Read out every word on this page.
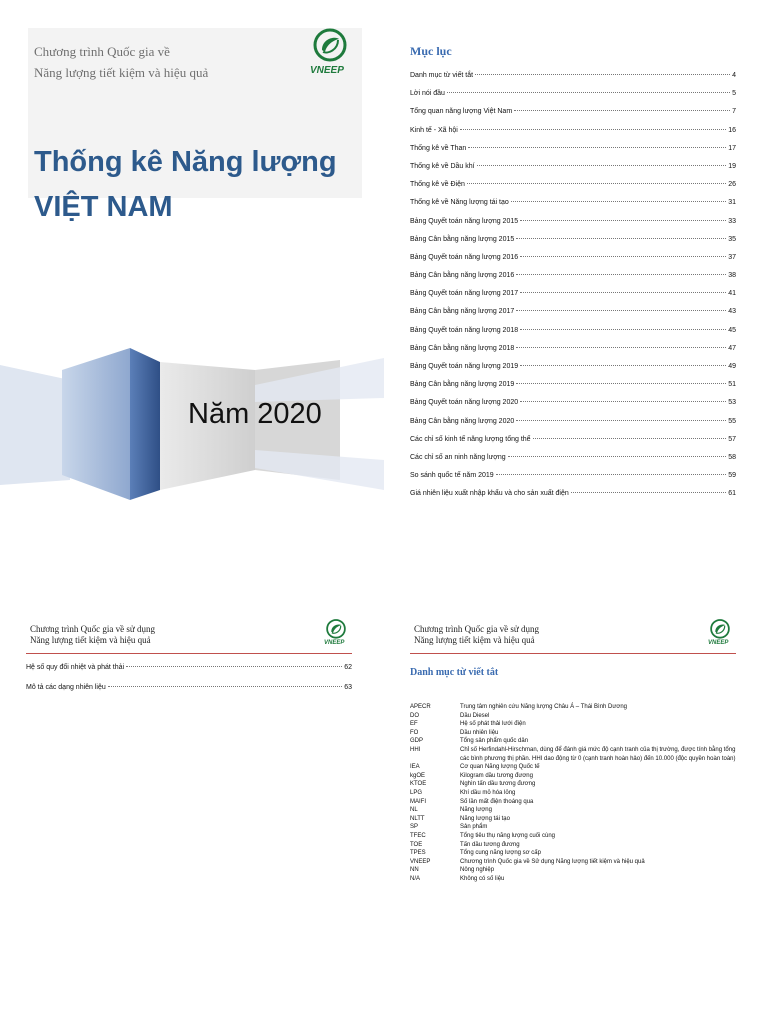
Chương trình Quốc gia về
Năng lượng tiết kiệm và hiệu quả	VNEEP
Thống kê Năng lượng
VIỆT NAM
Năm 2020
Mục lục
Danh mục từ viết tắt	4
Lời nói đầu	5
Tổng quan năng lượng Việt Nam	7
Kinh tế - Xã hội	16
Thống kê về Than	17
Thống kê về Dầu khí	19
Thống kê về Điện	26
Thống kê về Năng lượng tái tạo	31
Bảng Quyết toán năng lượng 2015	33
Bảng Cân bằng năng lượng 2015	35
Bảng Quyết toán năng lượng 2016	37
Bảng Cân bằng năng lượng 2016	38
Bảng Quyết toán năng lượng 2017	41
Bảng Cân bằng năng lượng 2017	43
Bảng Quyết toán năng lượng 2018	45
Bảng Cân bằng năng lượng 2018	47
Bảng Quyết toán năng lượng 2019	49
Bảng Cân bằng năng lượng 2019	51
Bảng Quyết toán năng lượng 2020	53
Bảng Cân bằng năng lượng 2020	55
Các chỉ số kinh tế năng lượng tổng thể	57
Các chỉ số an ninh năng lượng	58
So sánh quốc tế năm 2019	59
Giá nhiên liệu xuất nhập khẩu và cho sản xuất điện	61
Chương trình Quốc gia về sử dụng
Năng lượng tiết kiệm và hiệu quả	VNEEP
Hệ số quy đổi nhiệt và phát thải	62
Mô tả các dạng nhiên liệu	63
Chương trình Quốc gia về sử dụng
Năng lượng tiết kiệm và hiệu quả	VNEEP
Danh mục từ viết tắt
APECR	Trung tâm nghiên cứu Năng lượng Châu Á – Thái Bình Dương
DO	Dầu Diesel
EF	Hệ số phát thải lưới điện
FO	Dầu nhiên liệu
GDP	Tổng sản phẩm quốc dân
HHI	Chỉ số Herfindahl-Hirschman, dùng để đánh giá mức độ cạnh tranh của thị trường, được tính bằng tổng các bình phương thị phần. HHI dao động từ 0 (cạnh tranh hoàn hảo) đến 10.000 (độc quyền hoàn toàn)
IEA	Cơ quan Năng lượng Quốc tế
kgOE	Kilogram dầu tương đương
KTOE	Nghìn tấn dầu tương đương
LPG	Khí dầu mỏ hóa lỏng
MAIFI	Số lần mất điện thoáng qua
NL	Năng lượng
NLTT	Năng lượng tái tạo
SP	Sản phẩm
TFEC	Tổng tiêu thụ năng lượng cuối cùng
TOE	Tấn dầu tương đương
TPES	Tổng cung năng lượng sơ cấp
VNEEP	Chương trình Quốc gia về Sử dụng Năng lượng tiết kiệm và hiệu quả
NN	Nông nghiệp
N/A	Không có số liệu
